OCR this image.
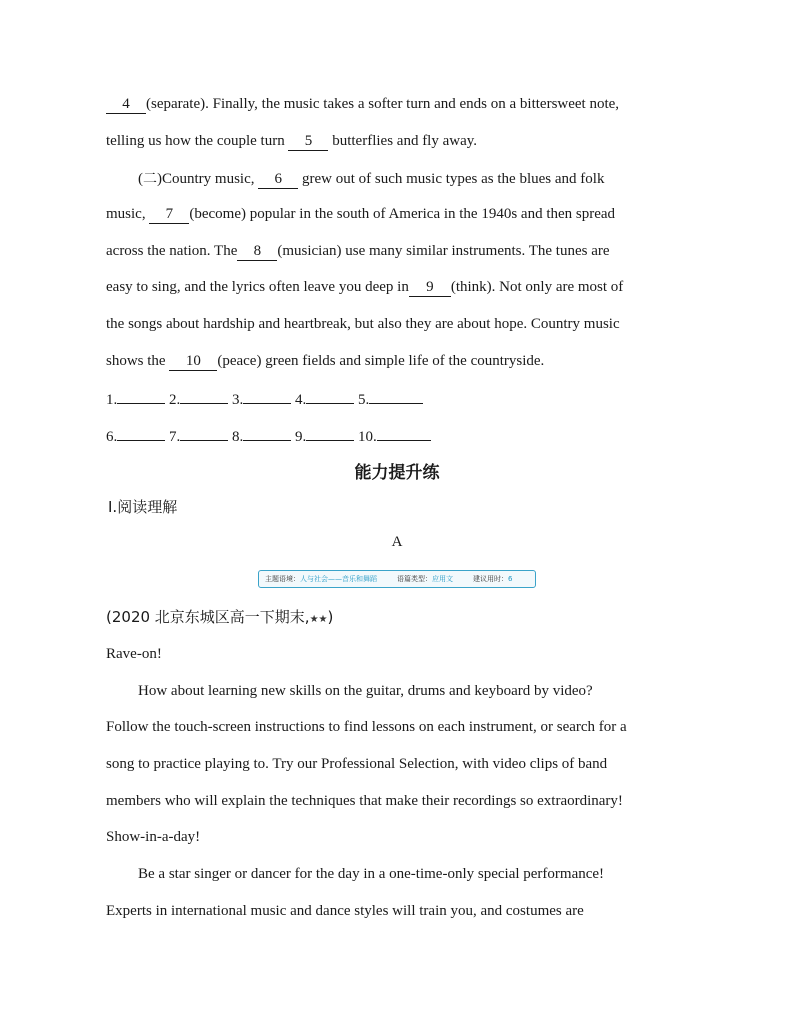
4 (separate). Finally, the music takes a softer turn and ends on a bittersweet note,
telling us how the couple turn 5 butterflies and fly away.
(二)Country music, 6 grew out of such music types as the blues and folk
music, 7 (become) popular in the south of America in the 1940s and then spread
across the nation. The 8 (musician) use many similar instruments. The tunes are
easy to sing, and the lyrics often leave you deep in 9 (think). Not only are most of
the songs about hardship and heartbreak, but also they are about hope. Country music
shows the 10 (peace) green fields and simple life of the countryside.
1.	2.	3.	4.	5.
6.	7.	8.	9.	10.
能力提升练
Ⅰ.阅读理解
A
主题语境： 人与社会——音乐和舞蹈	语篇类型： 应用文	建议用时： 6
(2020 北京东城区高一下期末,★★)
Rave-on!
How about learning new skills on the guitar, drums and keyboard by video?
Follow the touch-screen instructions to find lessons on each instrument, or search for a
song to practice playing to. Try our Professional Selection, with video clips of band
members who will explain the techniques that make their recordings so extraordinary!
Show-in-a-day!
Be a star singer or dancer for the day in a one-time-only special performance!
Experts in international music and dance styles will train you, and costumes are
